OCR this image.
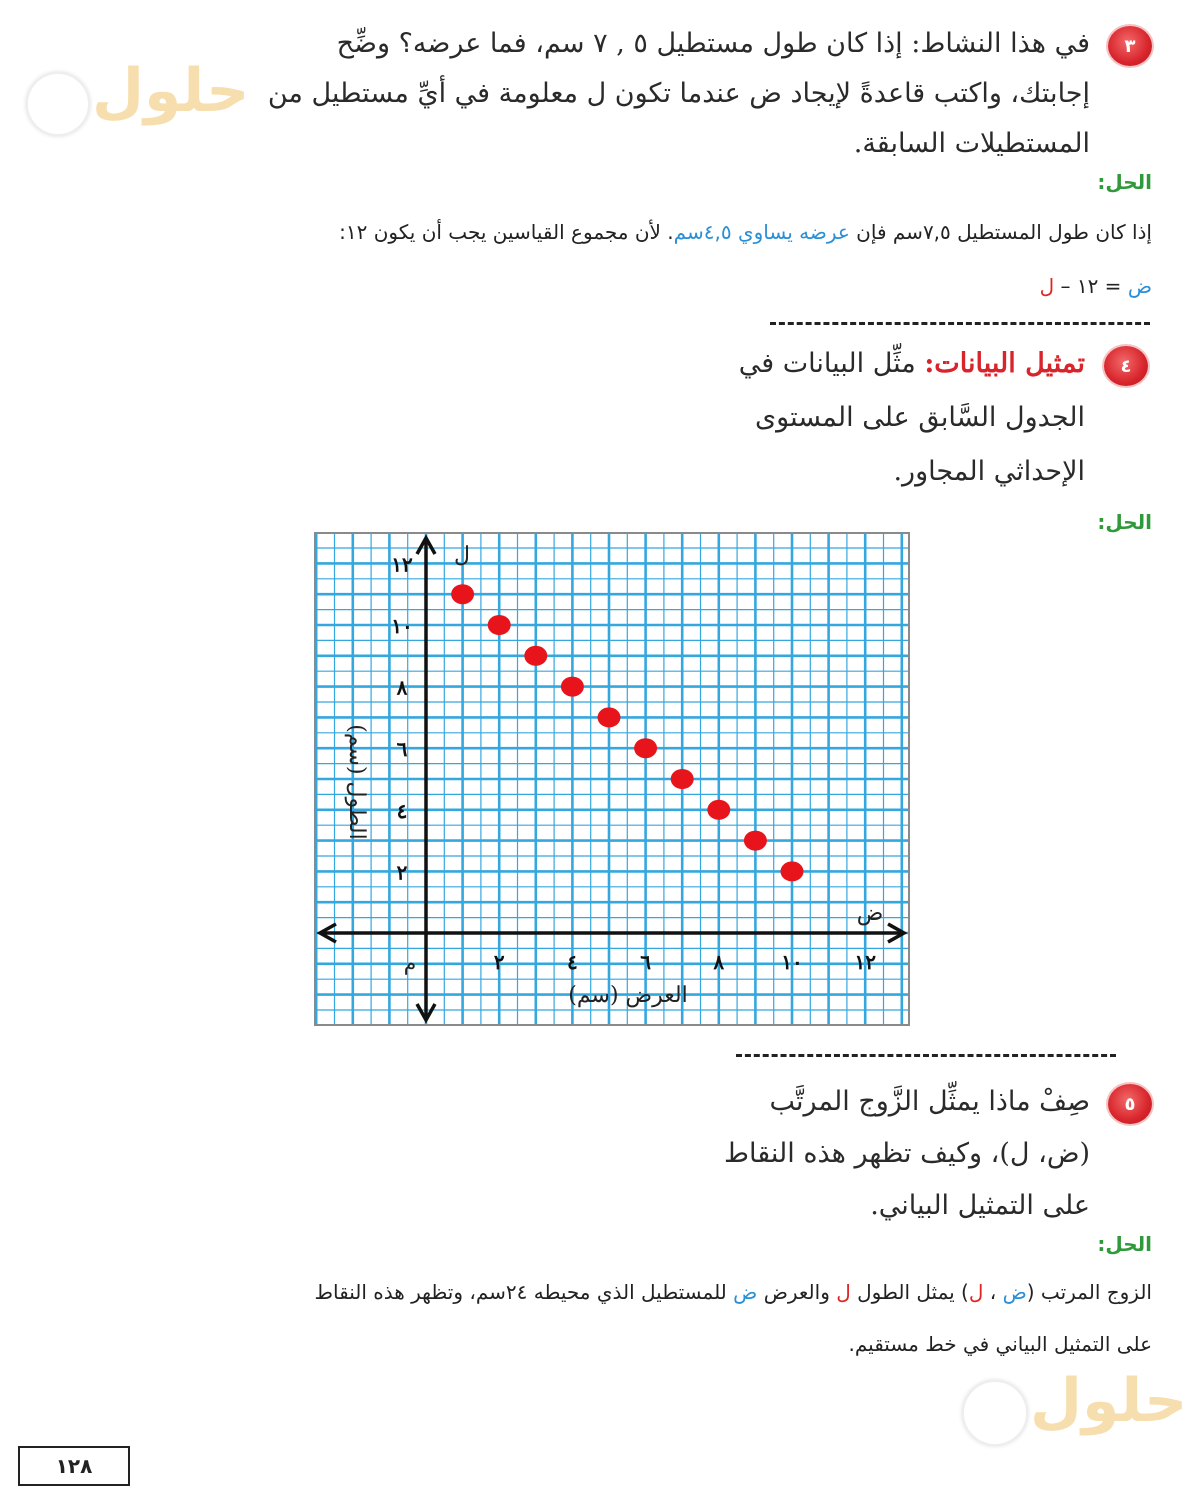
حلول
حلول
٣
في هذا النشاط: إذا كان طول مستطيل ٥ , ٧ سم، فما عرضه؟ وضِّح
إجابتك، واكتب قاعدةً لإيجاد ض عندما تكون ل معلومة في أيِّ مستطيل من
المستطيلات السابقة.
الحل:
إذا كان طول المستطيل ٧,٥سم فإن عرضه يساوي ٤,٥سم. لأن مجموع القياسين يجب أن يكون ١٢:
ض = ١٢ – ل
٤
تمثيل البيانات: مثِّل البيانات في
الجدول السَّابق على المستوى
الإحداثي المجاور.
الحل:
٢	٤	٦	٨	١٠	١٢
٢
٤
٦
٨
١٠
١٢
العرض (سم)
الطول (سم)
ض
ل
م
٥
صِفْ ماذا يمثِّل الزَّوج المرتَّب
(ض، ل)، وكيف تظهر هذه النقاط
على التمثيل البياني.
الحل:
الزوج المرتب (ض ، ل) يمثل الطول ل والعرض ض للمستطيل الذي محيطه ٢٤سم، وتظهر هذه النقاط
على التمثيل البياني في خط مستقيم.
١٢٨
